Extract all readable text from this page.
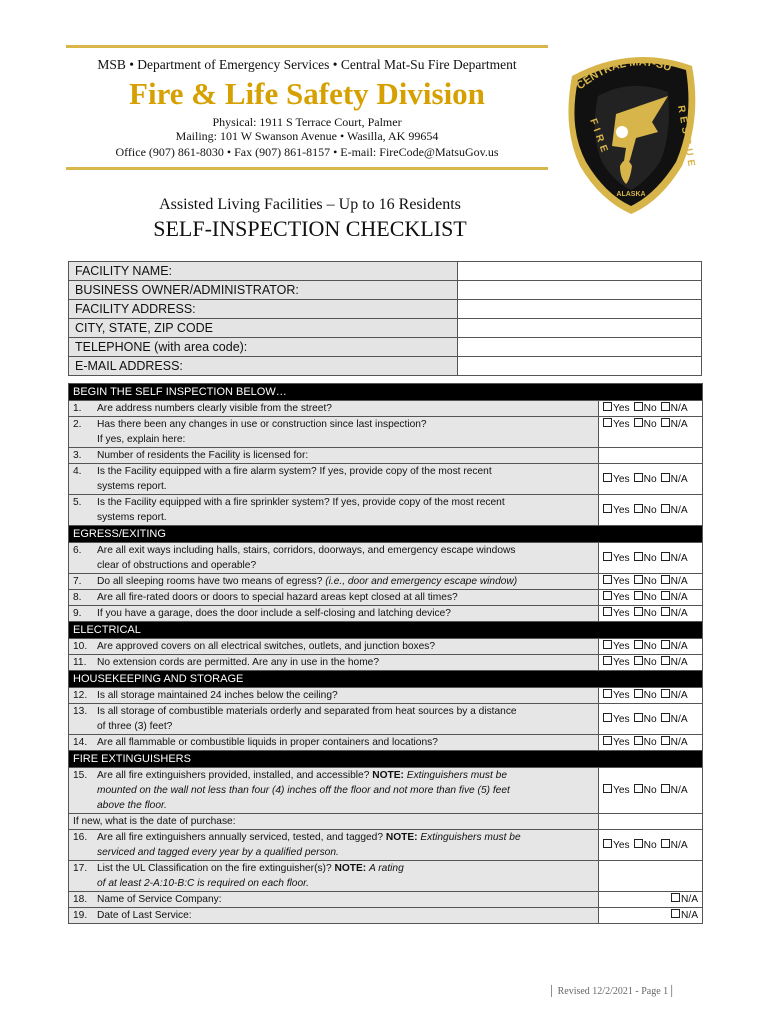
MSB • Department of Emergency Services • Central Mat-Su Fire Department
Fire & Life Safety Division
Physical: 1911 S Terrace Court, Palmer
Mailing: 101 W Swanson Avenue • Wasilla, AK 99654
Office (907) 861-8030 • Fax (907) 861-8157 • E-mail: FireCode@MatsuGov.us
CENTRAL MAT-SU
FIRE	RESCUE
ALASKA
Assisted Living Facilities – Up to 16 Residents
SELF-INSPECTION CHECKLIST
FACILITY NAME:	
BUSINESS OWNER/ADMINISTRATOR:	
FACILITY ADDRESS:	
CITY, STATE, ZIP CODE	
TELEPHONE (with area code):	
E-MAIL ADDRESS:	
BEGIN THE SELF INSPECTION BELOW…	
1. Are address numbers clearly visible from the street?	Yes No N/A
2. Has there been any changes in use or construction since last inspection?
If yes, explain here:	Yes No N/A
3. Number of residents the Facility is licensed for:	
4. Is the Facility equipped with a fire alarm system? If yes, provide copy of the most recent
systems report.	Yes No N/A
5. Is the Facility equipped with a fire sprinkler system? If yes, provide copy of the most recent
systems report.	Yes No N/A
EGRESS/EXITING	
6. Are all exit ways including halls, stairs, corridors, doorways, and emergency escape windows
clear of obstructions and operable?	Yes No N/A
7. Do all sleeping rooms have two means of egress? (i.e., door and emergency escape window)	Yes No N/A
8. Are all fire-rated doors or doors to special hazard areas kept closed at all times?	Yes No N/A
9. If you have a garage, does the door include a self-closing and latching device?	Yes No N/A
ELECTRICAL	
10. Are approved covers on all electrical switches, outlets, and junction boxes?	Yes No N/A
11. No extension cords are permitted. Are any in use in the home?	Yes No N/A
HOUSEKEEPING AND STORAGE	
12. Is all storage maintained 24 inches below the ceiling?	Yes No N/A
13. Is all storage of combustible materials orderly and separated from heat sources by a distance
of three (3) feet?	Yes No N/A
14. Are all flammable or combustible liquids in proper containers and locations?	Yes No N/A
FIRE EXTINGUISHERS	
15. Are all fire extinguishers provided, installed, and accessible? NOTE: Extinguishers must be
mounted on the wall not less than four (4) inches off the floor and not more than five (5) feet
above the floor.	Yes No N/A
If new, what is the date of purchase:	
16. Are all fire extinguishers annually serviced, tested, and tagged? NOTE: Extinguishers must be
serviced and tagged every year by a qualified person.	Yes No N/A
17. List the UL Classification on the fire extinguisher(s)? NOTE: A rating
of at least 2-A:10-B:C is required on each floor.	

18. Name of Service Company:	N/A
19. Date of Last Service:	N/A
│ Revised 12/2/2021 - Page 1│
